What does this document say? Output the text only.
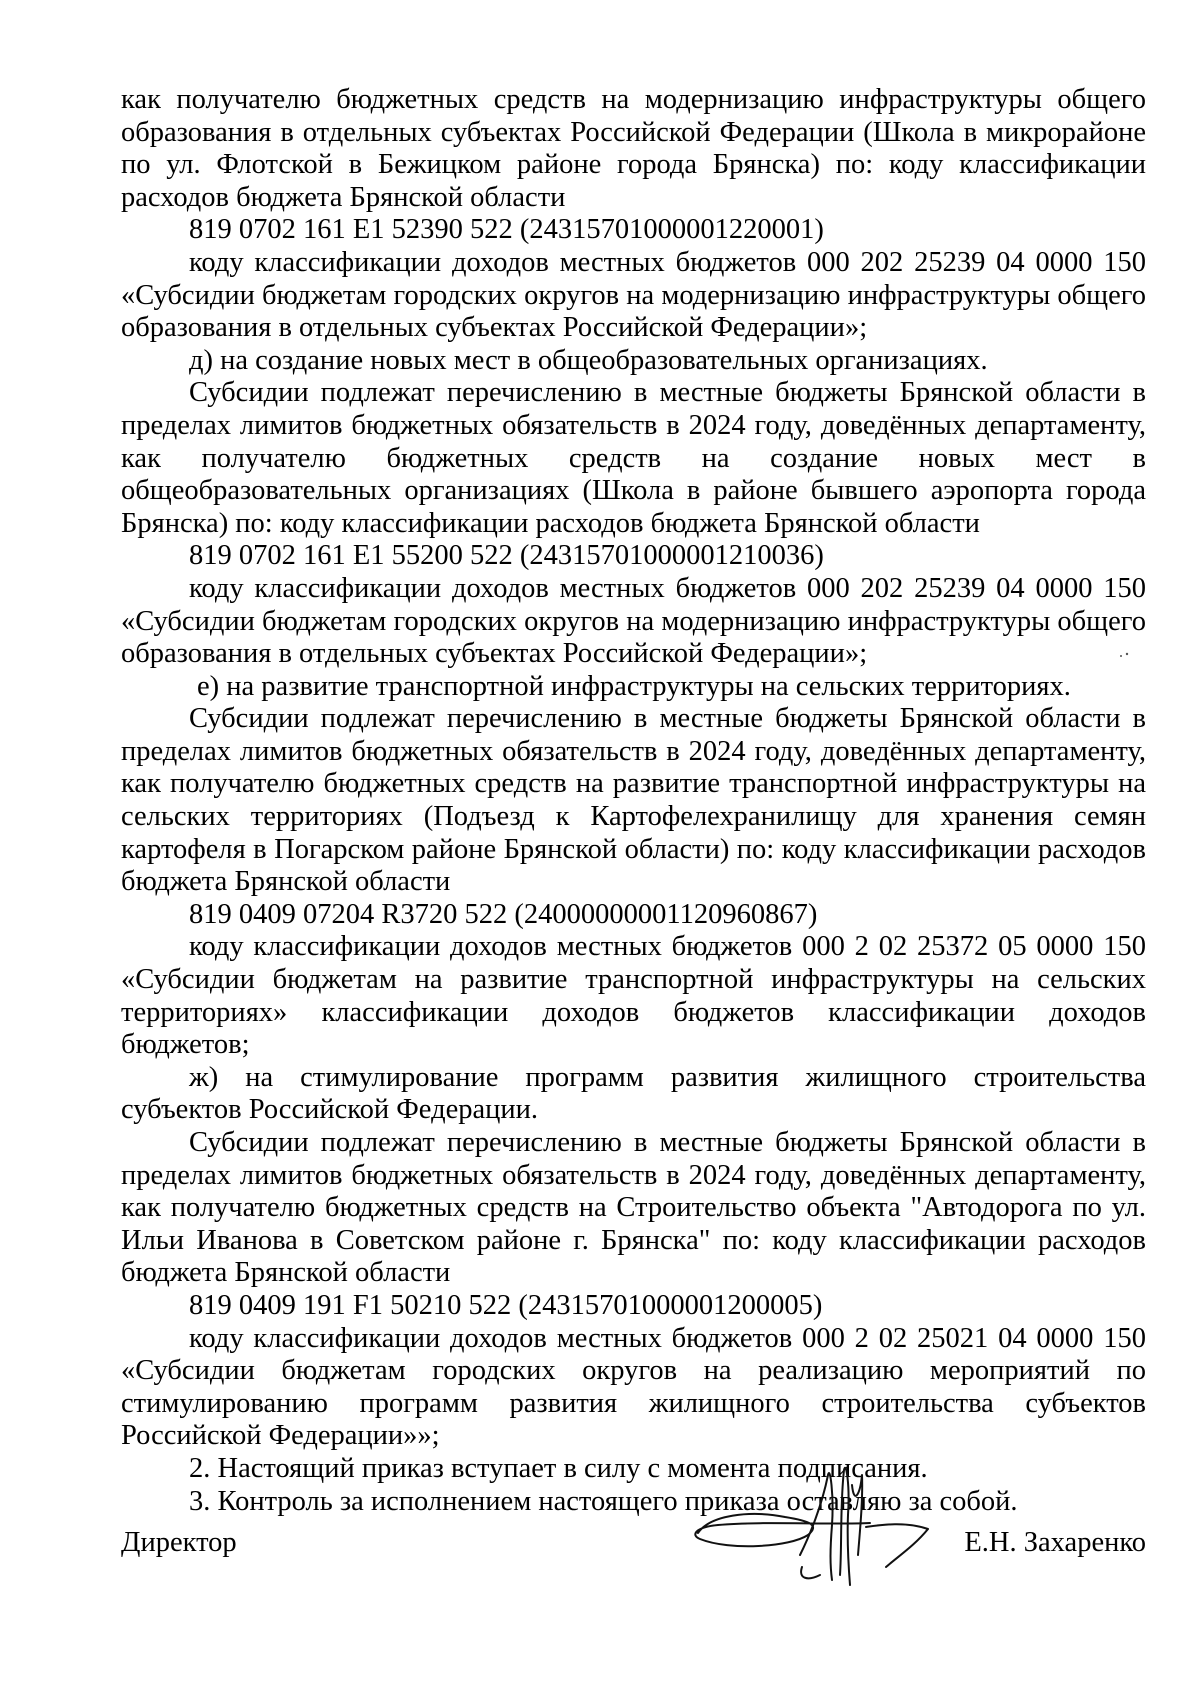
как получателю бюджетных средств на модернизацию инфраструктуры общего образования в отдельных субъектах Российской Федерации (Школа в микрорайоне по ул. Флотской в Бежицком районе города Брянска) по: коду классификации расходов бюджета Брянской области

819 0702 161 Е1 52390 522 (24315701000001220001)

коду классификации доходов местных бюджетов 000 202 25239 04 0000 150 «Субсидии бюджетам городских округов на модернизацию инфраструктуры общего образования в отдельных субъектах Российской Федерации»;

д) на создание новых мест в общеобразовательных организациях.

Субсидии подлежат перечислению в местные бюджеты Брянской области в пределах лимитов бюджетных обязательств в 2024 году, доведённых департаменту, как получателю бюджетных средств на создание новых мест в общеобразовательных организациях (Школа в районе бывшего аэропорта города Брянска) по: коду классификации расходов бюджета Брянской области

819 0702 161 Е1 55200 522 (24315701000001210036)

коду классификации доходов местных бюджетов 000 202 25239 04 0000 150 «Субсидии бюджетам городских округов на модернизацию инфраструктуры общего образования в отдельных субъектах Российской Федерации»;

е) на развитие транспортной инфраструктуры на сельских территориях.

Субсидии подлежат перечислению в местные бюджеты Брянской области в пределах лимитов бюджетных обязательств в 2024 году, доведённых департаменту, как получателю бюджетных средств на развитие транспортной инфраструктуры на сельских территориях (Подъезд к Картофелехранилищу для хранения семян картофеля в Погарском районе Брянской области) по: коду классификации расходов бюджета Брянской области

819 0409 07204 R3720 522 (24000000001120960867)

коду классификации доходов местных бюджетов 000 2 02 25372 05 0000 150 «Субсидии бюджетам на развитие транспортной инфраструктуры на сельских территориях» классификации доходов бюджетов классификации доходов бюджетов;

ж) на стимулирование программ развития жилищного строительства субъектов Российской Федерации.

Субсидии подлежат перечислению в местные бюджеты Брянской области в пределах лимитов бюджетных обязательств в 2024 году, доведённых департаменту, как получателю бюджетных средств на Строительство объекта "Автодорога по ул. Ильи Иванова в Советском районе г. Брянска" по: коду классификации расходов бюджета Брянской области

819 0409 191 F1 50210 522 (24315701000001200005)

коду классификации доходов местных бюджетов 000 2 02 25021 04 0000 150 «Субсидии бюджетам городских округов на реализацию мероприятий по стимулированию программ развития жилищного строительства субъектов Российской Федерации»»;

2. Настоящий приказ вступает в силу с момента подписания.

3. Контроль за исполнением настоящего приказа оставляю за собой.

Директор	Е.Н. Захаренко
